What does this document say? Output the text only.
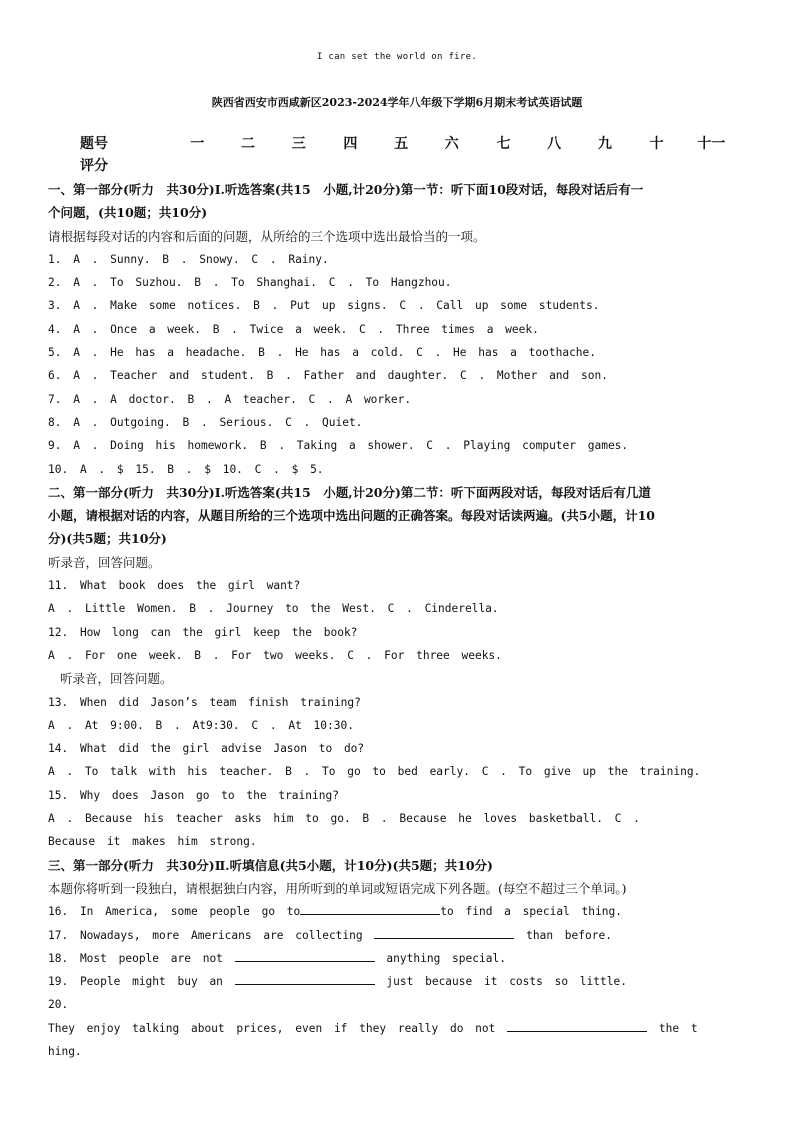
I can set the world on fire.
陕西省西安市西咸新区2023-2024学年八年级下学期6月期末考试英语试题
题号	一	二	三	四	五	六	七	八	九	十	十一
评分
一、第一部分(听力　共30分)Ⅰ.听选答案(共15　小题,计20分)第一节：听下面10段对话，每段对话后有一
个问题，(共10题；共10分)
请根据每段对话的内容和后面的问题，从所给的三个选项中选出最恰当的一项。
1. A . Sunny. B . Snowy. C . Rainy.
2. A . To Suzhou. B . To Shanghai. C . To Hangzhou.
3. A . Make some notices. B . Put up signs. C . Call up some students.
4. A . Once a week. B . Twice a week. C . Three times a week.
5. A . He has a headache. B . He has a cold. C . He has a toothache.
6. A . Teacher and student. B . Father and daughter. C . Mother and son.
7. A . A doctor. B . A teacher. C . A worker.
8. A . Outgoing. B . Serious. C . Quiet.
9. A . Doing his homework. B . Taking a shower. C . Playing computer games.
10. A . $ 15. B . $ 10. C . $ 5.
二、第一部分(听力　共30分)Ⅰ.听选答案(共15　小题,计20分)第二节：听下面两段对话，每段对话后有几道
小题，请根据对话的内容，从题目所给的三个选项中选出问题的正确答案。每段对话读两遍。(共5小题，计10
分)(共5题；共10分)
听录音，回答问题。
11. What book does the girl want?
A . Little Women. B . Journey to the West. C . Cinderella.
12. How long can the girl keep the book?
A . For one week. B . For two weeks. C . For three weeks.
听录音，回答问题。
13. When did Jason’s team finish training?
A . At 9:00. B . At9:30. C . At 10:30.
14. What did the girl advise Jason to do?
A . To talk with his teacher. B . To go to bed early. C . To give up the training.
15. Why does Jason go to the training?
A . Because his teacher asks him to go. B . Because he loves basketball. C .
Because it makes him strong.
三、第一部分(听力　共30分)Ⅱ.听填信息(共5小题，计10分)(共5题；共10分)
本题你将听到一段独白，请根据独白内容，用所听到的单词或短语完成下列各题。(每空不超过三个单词。)
16. In America, some people go to	to find a special thing.
17. Nowadays, more Americans are collecting	than before.
18. Most people are not	anything special.
19. People might buy an	just because it costs so little.
20.
They enjoy talking about prices, even if they really do not	the t
hing.
